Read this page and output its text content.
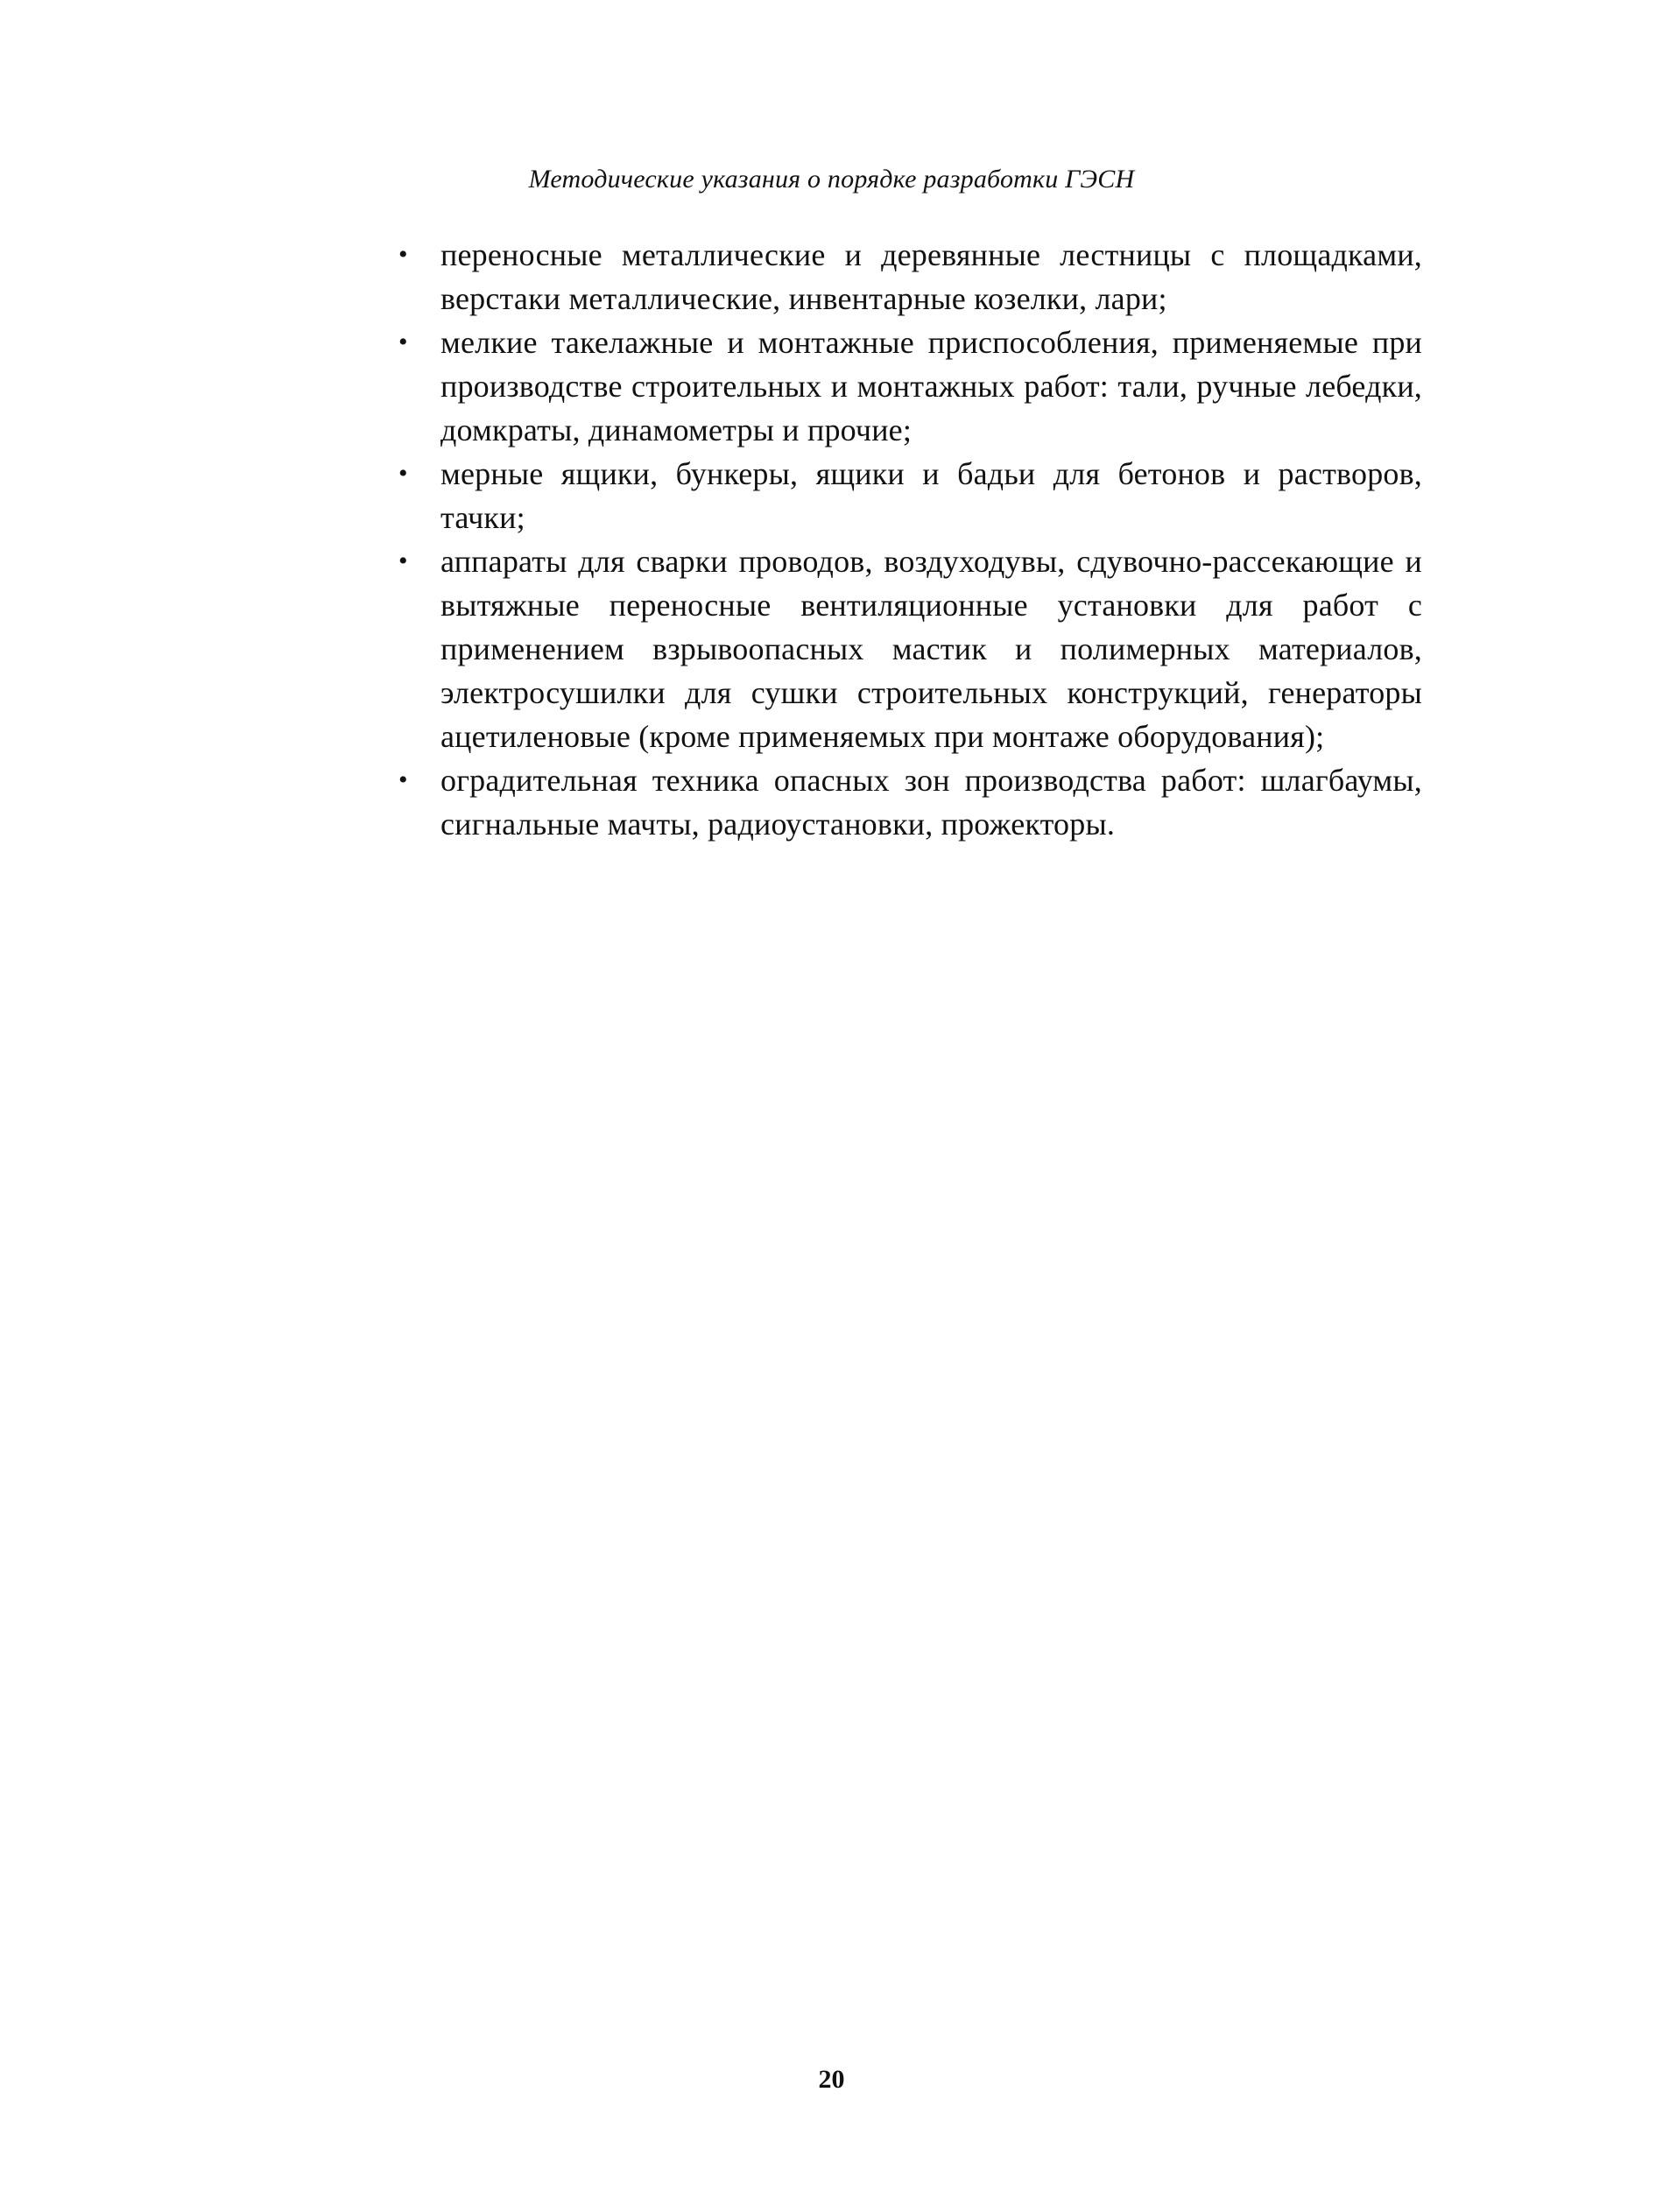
Методические указания о порядке разработки ГЭСН
• переносные металлические и деревянные лестницы с площадками, верстаки металлические, инвентарные козелки, лари;
• мелкие такелажные и монтажные приспособления, применяемые при производстве строительных и монтажных работ: тали, ручные лебедки, домкраты, динамометры и прочие;
• мерные ящики, бункеры, ящики и бадьи для бетонов и растворов, тачки;
• аппараты для сварки проводов, воздуходувы, сдувочно-рассекающие и вытяжные переносные вентиляционные установки для работ с применением взрывоопасных мастик и полимерных материалов, электросушилки для сушки строительных конструкций, генераторы ацетиленовые (кроме применяемых при монтаже оборудования);
• оградительная техника опасных зон производства работ: шлагбаумы, сигнальные мачты, радиоустановки, прожекторы.
20
